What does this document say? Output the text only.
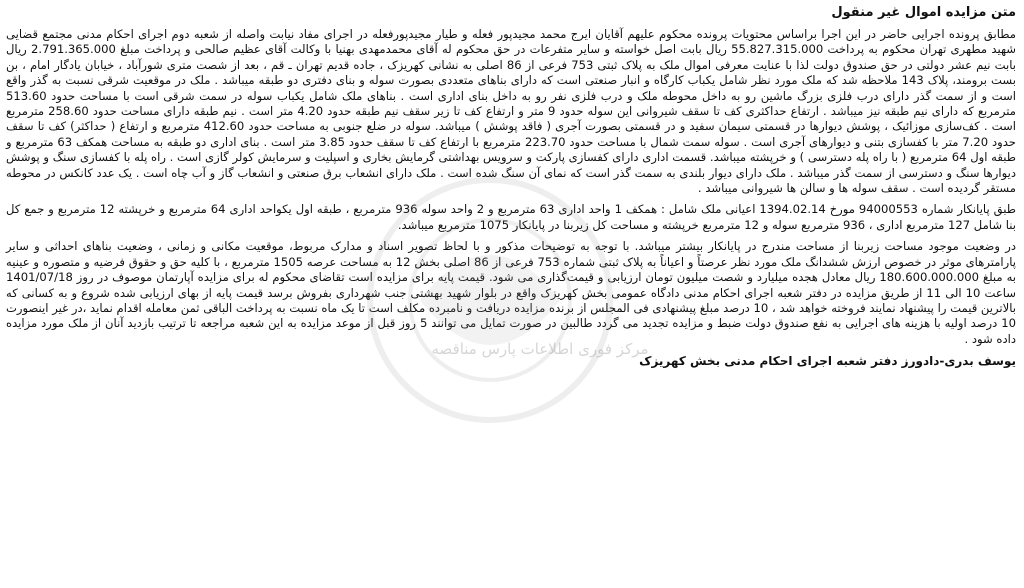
متن مزایده اموال غیر منقول
مطابق پرونده اجرایی حاضر در این اجرا براساس محتویات پرونده محکوم علیهم آقایان ایرج محمد مجیدپور فعله و طیار مجیدپورفعله در اجرای مفاد نیابت واصله از شعبه دوم اجرای احکام مدنی مجتمع قضایی شهید مطهری تهران محکوم به پرداخت 55.827.315.000 ریال بابت اصل خواسته و سایر متفرعات در حق محکوم له آقای محمدمهدی بهنیا با وکالت آقای عظیم صالحی و پرداخت مبلغ 2.791.365.000 ریال بابت نیم عشر دولتی در حق صندوق دولت لذا با عنایت معرفی اموال ملک به پلاک ثبتی 753 فرعی از 86 اصلی به نشانی کهریزک ، جاده قدیم تهران ـ قم ، بعد از شصت متری شورآباد ، خیابان یادگار امام ، بن بست برومند، پلاک 143 ملاحظه شد که ملک مورد نظر شامل یکباب کارگاه و انبار صنعتی است که دارای بناهای متعددی بصورت سوله و بنای دفتری دو طبقه میباشد . ملک در موقعیت شرقی نسبت به گذر واقع است و از سمت گذر دارای درب فلزی بزرگ ماشین رو به داخل محوطه ملک و درب فلزی نفر رو به داخل بنای اداری است . بناهای ملک شامل یکباب سوله در سمت شرقی است با مساحت حدود 513.60 مترمربع که دارای نیم طبقه نیز میباشد . ارتفاع حداکثری کف تا سقف شیروانی این سوله حدود 9 متر و ارتفاع کف تا زیر سقف نیم طبقه حدود 4.20 متر است . نیم طبقه دارای مساحت حدود 258.60 مترمربع است . کف‌سازی موزائیک ، پوشش دیوارها در قسمتی سیمان سفید و در قسمتی بصورت آجری ( فاقد پوشش ) میباشد. سوله در ضلع جنوبی به مساحت حدود 412.60 مترمربع و ارتفاع ( حداکثر) کف تا سقف حدود 7.20 متر با کفسازی بتنی و دیوارهای آجری است . سوله سمت شمال با مساحت حدود 223.70 مترمربع با ارتفاع کف تا سقف حدود 3.85 متر است . بنای اداری دو طبقه به مساحت همکف 63 مترمربع و طبقه اول 64 مترمربع ( با راه پله دسترسی ) و خرپشته میباشد. قسمت اداری دارای کفسازی پارکت و سرویس بهداشتی گرمایش بخاری و اسپلیت و سرمایش کولر گازی است . راه پله با کفسازی سنگ و پوشش دیوارها سنگ و دسترسی از سمت گذر میباشد . ملک دارای دیوار بلندی به سمت گذر است که نمای آن سنگ شده است . ملک دارای انشعاب برق صنعتی و انشعاب گاز و آب چاه است . یک عدد کانکس در محوطه مستقر گردیده است . سقف سوله ها و سالن ها شیروانی میباشد .
طبق پایانکار شماره 94000553 مورخ 1394.02.14 اعیانی ملک شامل : همکف 1 واحد اداری 63 مترمربع و 2 واحد سوله 936 مترمربع ، طبقه اول یکواحد اداری 64 مترمربع و خرپشته 12 مترمربع و جمع کل بنا شامل 127 مترمربع اداری ، 936 مترمربع سوله و 12 مترمربع خرپشته و مساحت کل زیربنا در پایانکار 1075 مترمربع میباشد.
در وضعیت موجود مساحت زیربنا از مساحت مندرج در پایانکار بیشتر میباشد. با توجه به توضیحات مذکور و با لحاظ تصویر اسناد و مدارک مربوط، موقعیت مکانی و زمانی ، وضعیت بناهای احداثی و سایر پارامترهای موثر در خصوص ارزش ششدانگ ملک مورد نظر عرصتاً و اعیاناً به پلاک ثبتی شماره 753 فرعی از 86 اصلی بخش 12 به مساحت عرصه 1505 مترمربع ، با کلیه حق و حقوق فرضیه و متصوره و عینیه به مبلغ 180.600.000.000 ریال معادل هجده میلیارد و شصت میلیون تومان ارزیابی و قیمت‌گذاری می شود. قیمت پایه برای مزایده است تقاضای محکوم له برای مزایده آپارتمان موصوف در روز 1401/07/18 ساعت 10 الی 11 از طریق مزایده در دفتر شعبه اجرای احکام مدنی دادگاه عمومی بخش کهریزک واقع در بلوار شهید بهشتی جنب شهرداری بفروش برسد قیمت پایه از بهای ارزیابی شده شروع و به کسانی که بالاترین قیمت را پیشنهاد نمایند فروخته خواهد شد ، 10 درصد مبلغ پیشنهادی فی المجلس از برنده مزایده دریافت و نامبرده مکلف است تا یک ماه نسبت به پرداخت الباقی ثمن معامله اقدام نماید ،در غیر اینصورت 10 درصد اولیه با هزینه های اجرایی به نفع صندوق دولت ضبط و مزایده تجدید می گردد طالبین در صورت تمایل می توانند 5 روز قبل از موعد مزایده به این شعبه مراجعه تا ترتیب بازدید آنان از ملک مورد مزایده داده شود .
یوسف بدری-دادورز دفتر شعبه اجرای احکام مدنی بخش کهریزک
مرکز فوری اطلاعات پارس مناقصه
